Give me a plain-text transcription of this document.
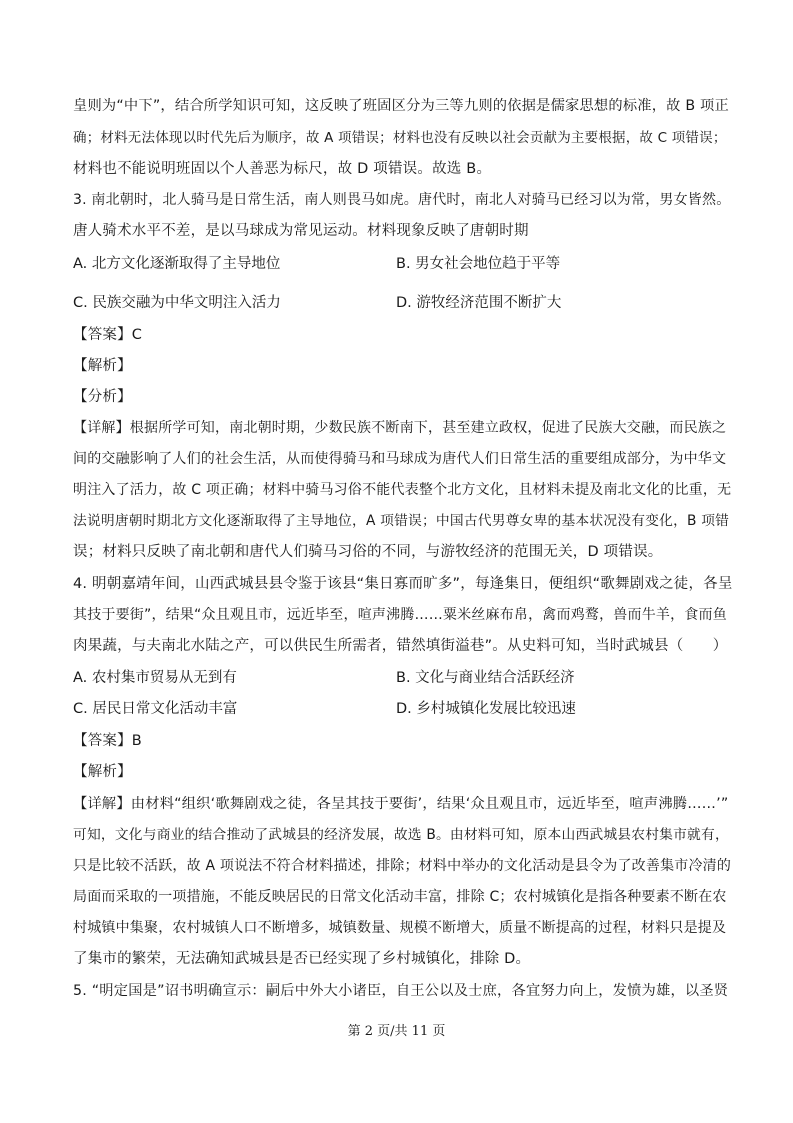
皇则为“中下”，结合所学知识可知，这反映了班固区分为三等九则的依据是儒家思想的标准，故 B 项正
确；材料无法体现以时代先后为顺序，故 A 项错误；材料也没有反映以社会贡献为主要根据，故 C 项错误；
材料也不能说明班固以个人善恶为标尺，故 D 项错误。故选 B。
3. 南北朝时，北人骑马是日常生活，南人则畏马如虎。唐代时，南北人对骑马已经习以为常，男女皆然。
唐人骑术水平不差，是以马球成为常见运动。材料现象反映了唐朝时期
A. 北方文化逐渐取得了主导地位	B. 男女社会地位趋于平等
C. 民族交融为中华文明注入活力	D. 游牧经济范围不断扩大
【答案】C
【解析】
【分析】
【详解】根据所学可知，南北朝时期，少数民族不断南下，甚至建立政权，促进了民族大交融，而民族之
间的交融影响了人们的社会生活，从而使得骑马和马球成为唐代人们日常生活的重要组成部分，为中华文
明注入了活力，故 C 项正确；材料中骑马习俗不能代表整个北方文化，且材料未提及南北文化的比重，无
法说明唐朝时期北方文化逐渐取得了主导地位，A 项错误；中国古代男尊女卑的基本状况没有变化，B 项错
误；材料只反映了南北朝和唐代人们骑马习俗的不同，与游牧经济的范围无关，D 项错误。
4. 明朝嘉靖年间，山西武城县县令鉴于该县“集日寡而旷多”，每逢集日，便组织“歌舞剧戏之徒，各呈
其技于要街”，结果“众且观且市，远近毕至，喧声沸腾……粟米丝麻布帛，禽而鸡鹜，兽而牛羊，食而鱼
肉果蔬，与夫南北水陆之产，可以供民生所需者，错然填街溢巷”。从史料可知，当时武城县（　　）
A. 农村集市贸易从无到有	B. 文化与商业结合活跃经济
C. 居民日常文化活动丰富	D. 乡村城镇化发展比较迅速
【答案】B
【解析】
【详解】由材料“组织‘歌舞剧戏之徒，各呈其技于要街’，结果‘众且观且市，远近毕至，喧声沸腾……’”
可知，文化与商业的结合推动了武城县的经济发展，故选 B。由材料可知，原本山西武城县农村集市就有，
只是比较不活跃，故 A 项说法不符合材料描述，排除；材料中举办的文化活动是县令为了改善集市冷清的
局面而采取的一项措施，不能反映居民的日常文化活动丰富，排除 C；农村城镇化是指各种要素不断在农
村城镇中集聚，农村城镇人口不断增多，城镇数量、规模不断增大，质量不断提高的过程，材料只是提及
了集市的繁荣，无法确知武城县是否已经实现了乡村城镇化，排除 D。
5. “明定国是”诏书明确宣示：嗣后中外大小诸臣，自王公以及士庶，各宜努力向上，发愤为雄，以圣贤
第 2 页/共 11 页
